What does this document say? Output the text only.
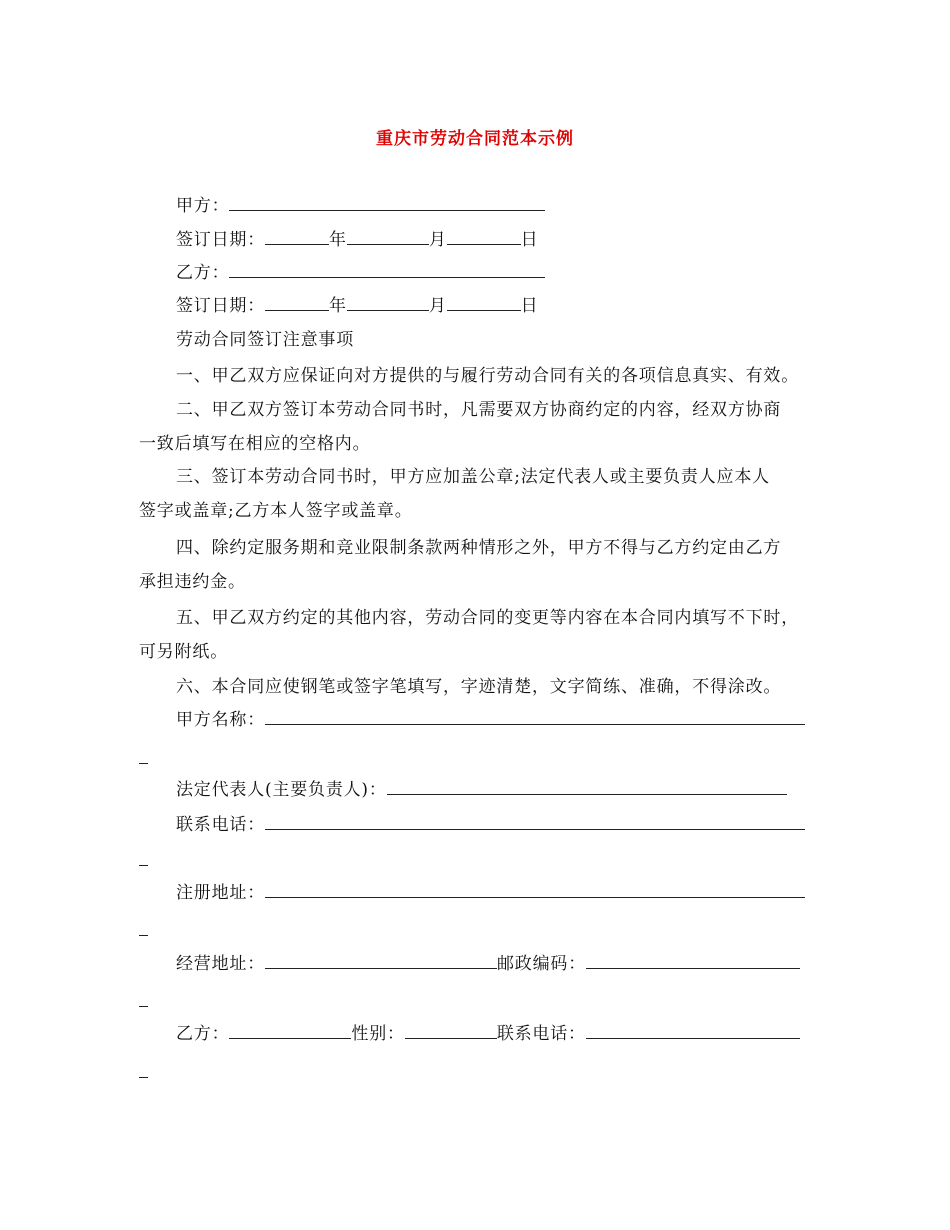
重庆市劳动合同范本示例
甲方：
签订日期：	年	月	日
乙方：
签订日期：	年	月	日
劳动合同签订注意事项
一、甲乙双方应保证向对方提供的与履行劳动合同有关的各项信息真实、有效。
二、甲乙双方签订本劳动合同书时，凡需要双方协商约定的内容，经双方协商
一致后填写在相应的空格内。
三、签订本劳动合同书时，甲方应加盖公章;法定代表人或主要负责人应本人
签字或盖章;乙方本人签字或盖章。
四、除约定服务期和竞业限制条款两种情形之外，甲方不得与乙方约定由乙方
承担违约金。
五、甲乙双方约定的其他内容，劳动合同的变更等内容在本合同内填写不下时，
可另附纸。
六、本合同应使钢笔或签字笔填写，字迹清楚，文字简练、准确，不得涂改。
甲方名称：
法定代表人(主要负责人)：
联系电话：
注册地址：
经营地址：	邮政编码：
乙方：	性别：	联系电话：
